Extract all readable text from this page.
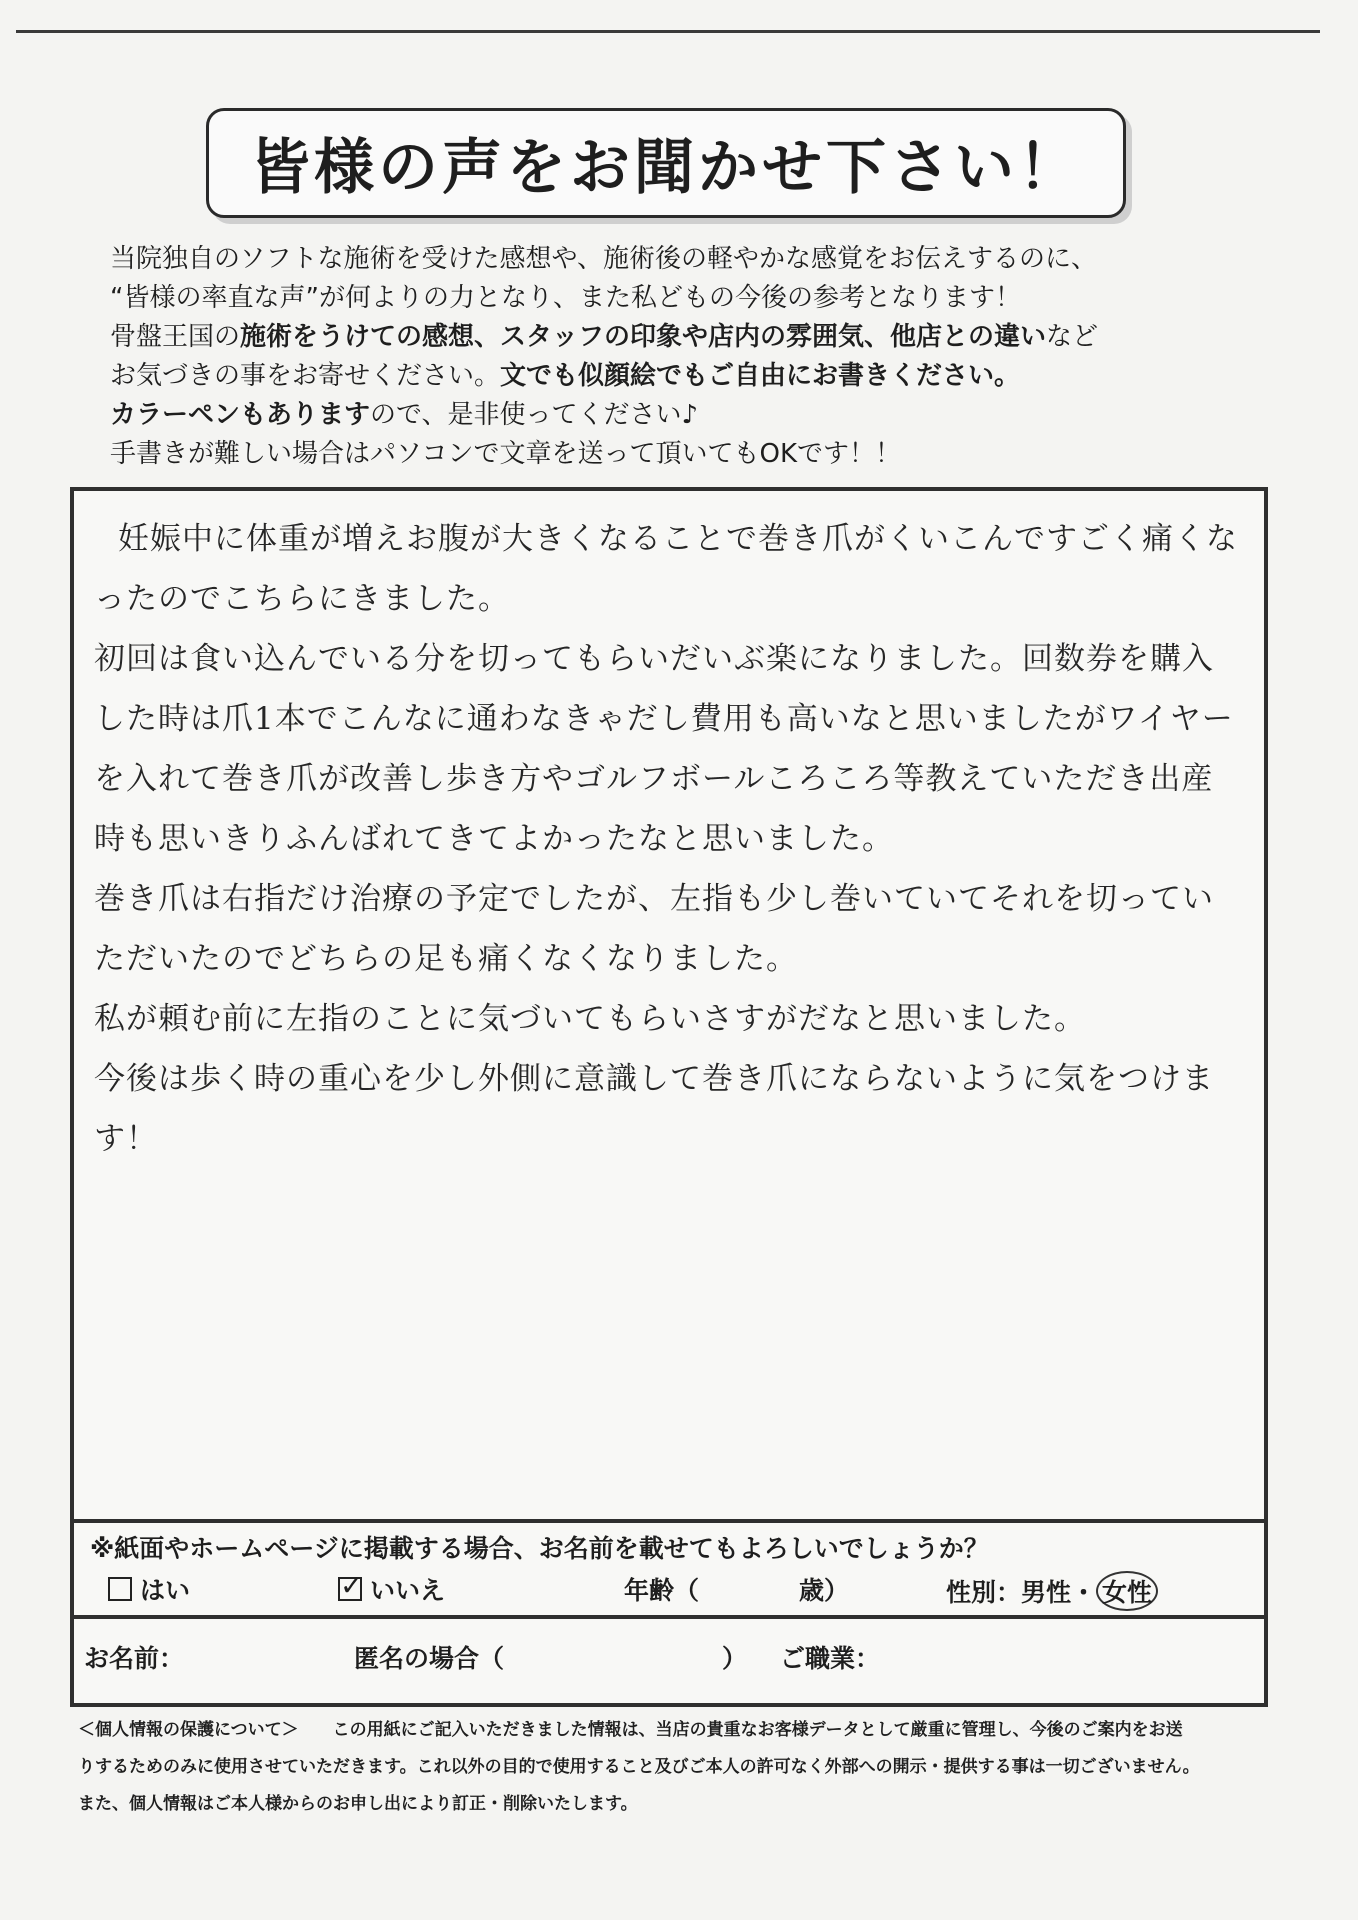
皆様の声をお聞かせ下さい！
当院独自のソフトな施術を受けた感想や、施術後の軽やかな感覚をお伝えするのに、
“皆様の率直な声”が何よりの力となり、また私どもの今後の参考となります！
骨盤王国の施術をうけての感想、スタッフの印象や店内の雰囲気、他店との違いなど
お気づきの事をお寄せください。文でも似顔絵でもご自由にお書きください。
カラーペンもありますので、是非使ってください♪
手書きが難しい場合はパソコンで文章を送って頂いてもOKです！！

妊娠中に体重が増えお腹が大きくなることで巻き爪がくいこんですごく痛くなったのでこちらにきました。

初回は食い込んでいる分を切ってもらいだいぶ楽になりました。回数券を購入した時は爪1本でこんなに通わなきゃだし費用も高いなと思いましたがワイヤーを入れて巻き爪が改善し歩き方やゴルフボールころころ等教えていただき出産時も思いきりふんばれてきてよかったなと思いました。

巻き爪は右指だけ治療の予定でしたが、左指も少し巻いていてそれを切っていただいたのでどちらの足も痛くなくなりました。

私が頼む前に左指のことに気づいてもらいさすがだなと思いました。

今後は歩く時の重心を少し外側に意識して巻き爪にならないように気をつけます！

※紙面やホームページに掲載する場合、お名前を載せてもよろしいでしょうか？
はい
✓	いいえ	年齢（	歳）	性別：男性・ 女性
お名前：	匿名の場合（	） ご職業：
＜個人情報の保護について＞　　この用紙にご記入いただきました情報は、当店の貴重なお客様データとして厳重に管理し、今後のご案内をお送
りするためのみに使用させていただきます。これ以外の目的で使用すること及びご本人の許可なく外部への開示・提供する事は一切ございません。
また、個人情報はご本人様からのお申し出により訂正・削除いたします。
